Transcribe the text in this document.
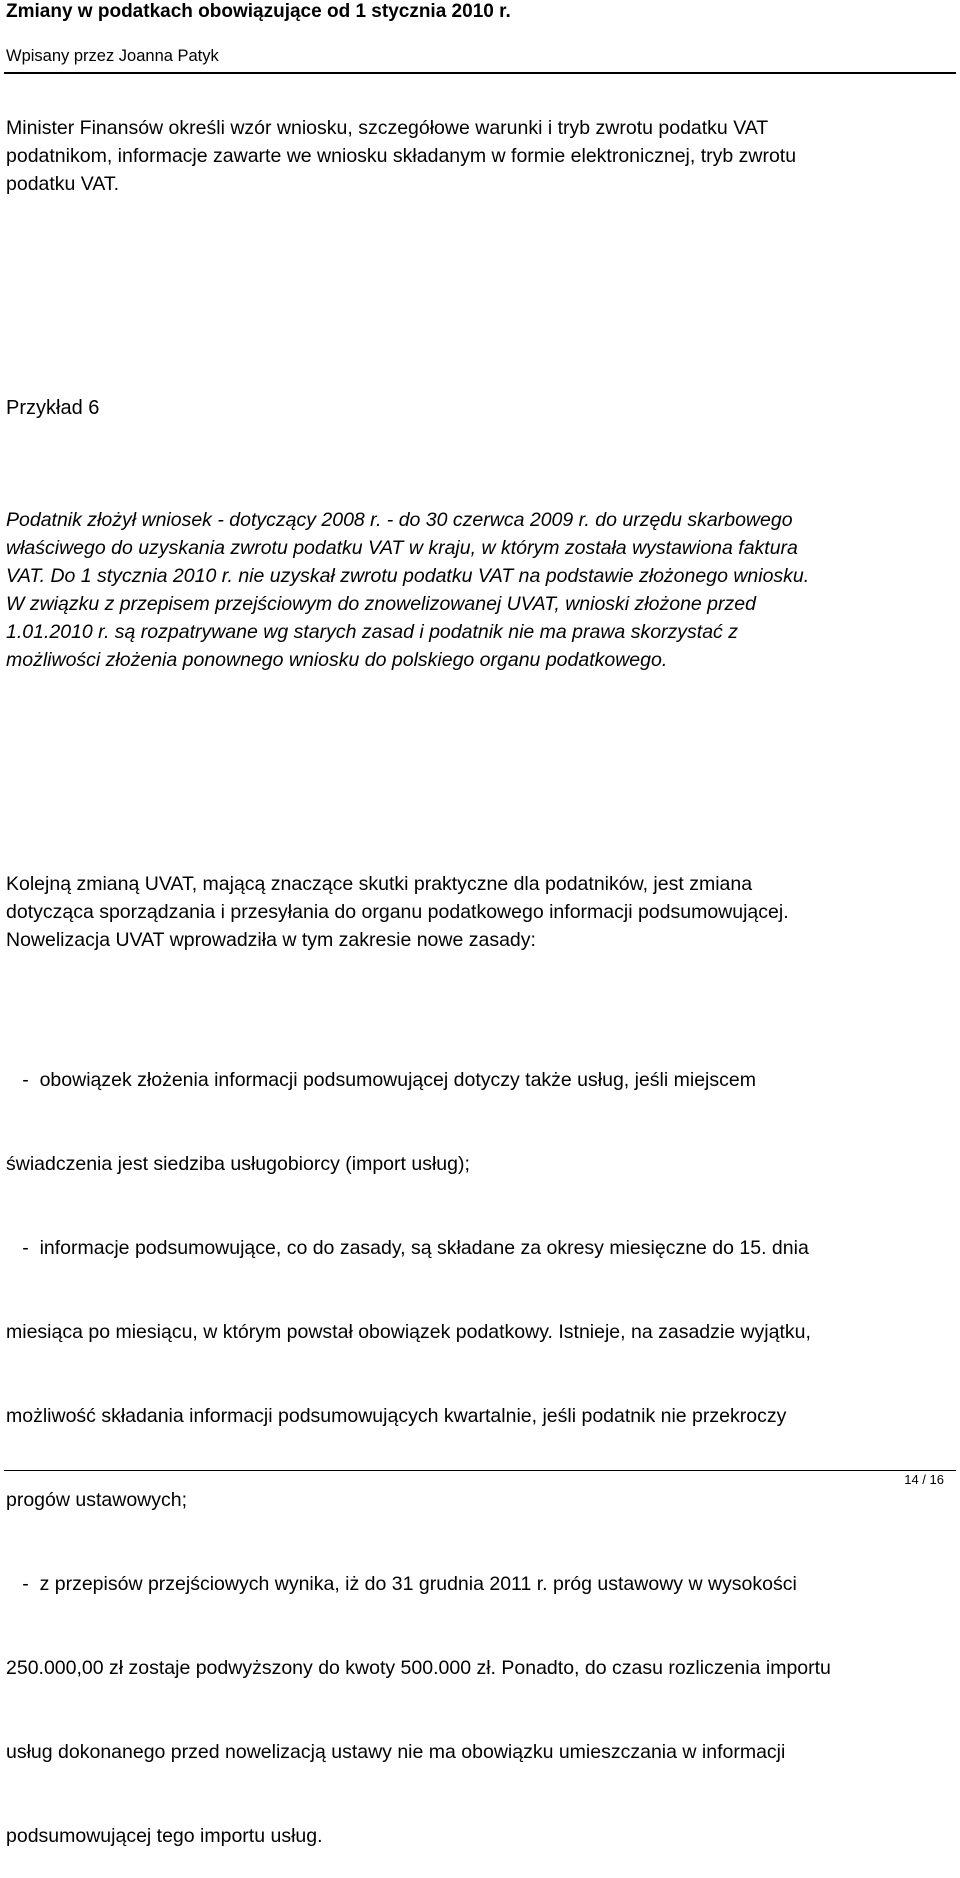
Zmiany w podatkach obowiązujące od 1 stycznia 2010 r.
Wpisany przez Joanna Patyk

Minister Finansów określi wzór wniosku, szczegółowe warunki i tryb zwrotu podatku VAT

podatnikom, informacje zawarte we wniosku składanym w formie elektronicznej, tryb zwrotu

podatku VAT.

Przykład 6

Podatnik złożył wniosek - dotyczący 2008 r. - do 30 czerwca 2009 r. do urzędu skarbowego

właściwego do uzyskania zwrotu podatku VAT w kraju, w którym została wystawiona faktura

VAT. Do 1 stycznia 2010 r. nie uzyskał zwrotu podatku VAT na podstawie złożonego wniosku.

W związku z przepisem przejściowym do znowelizowanej UVAT, wnioski złożone przed

1.01.2010 r. są rozpatrywane wg starych zasad i podatnik nie ma prawa skorzystać z

możliwości złożenia ponownego wniosku do polskiego organu podatkowego.

Kolejną zmianą UVAT, mającą znaczące skutki praktyczne dla podatników, jest zmiana

dotycząca sporządzania i przesyłania do organu podatkowego informacji podsumowującej.

Nowelizacja UVAT wprowadziła w tym zakresie nowe zasady:

-  obowiązek złożenia informacji podsumowującej dotyczy także usług, jeśli miejscem

świadczenia jest siedziba usługobiorcy (import usług);

-  informacje podsumowujące, co do zasady, są składane za okresy miesięczne do 15. dnia

miesiąca po miesiącu, w którym powstał obowiązek podatkowy. Istnieje, na zasadzie wyjątku,

możliwość składania informacji podsumowujących kwartalnie, jeśli podatnik nie przekroczy

progów ustawowych;

-  z przepisów przejściowych wynika, iż do 31 grudnia 2011 r. próg ustawowy w wysokości

250.000,00 zł zostaje podwyższony do kwoty 500.000 zł. Ponadto, do czasu rozliczenia importu

usług dokonanego przed nowelizacją ustawy nie ma obowiązku umieszczania w informacji

podsumowującej tego importu usług.

14 / 16
